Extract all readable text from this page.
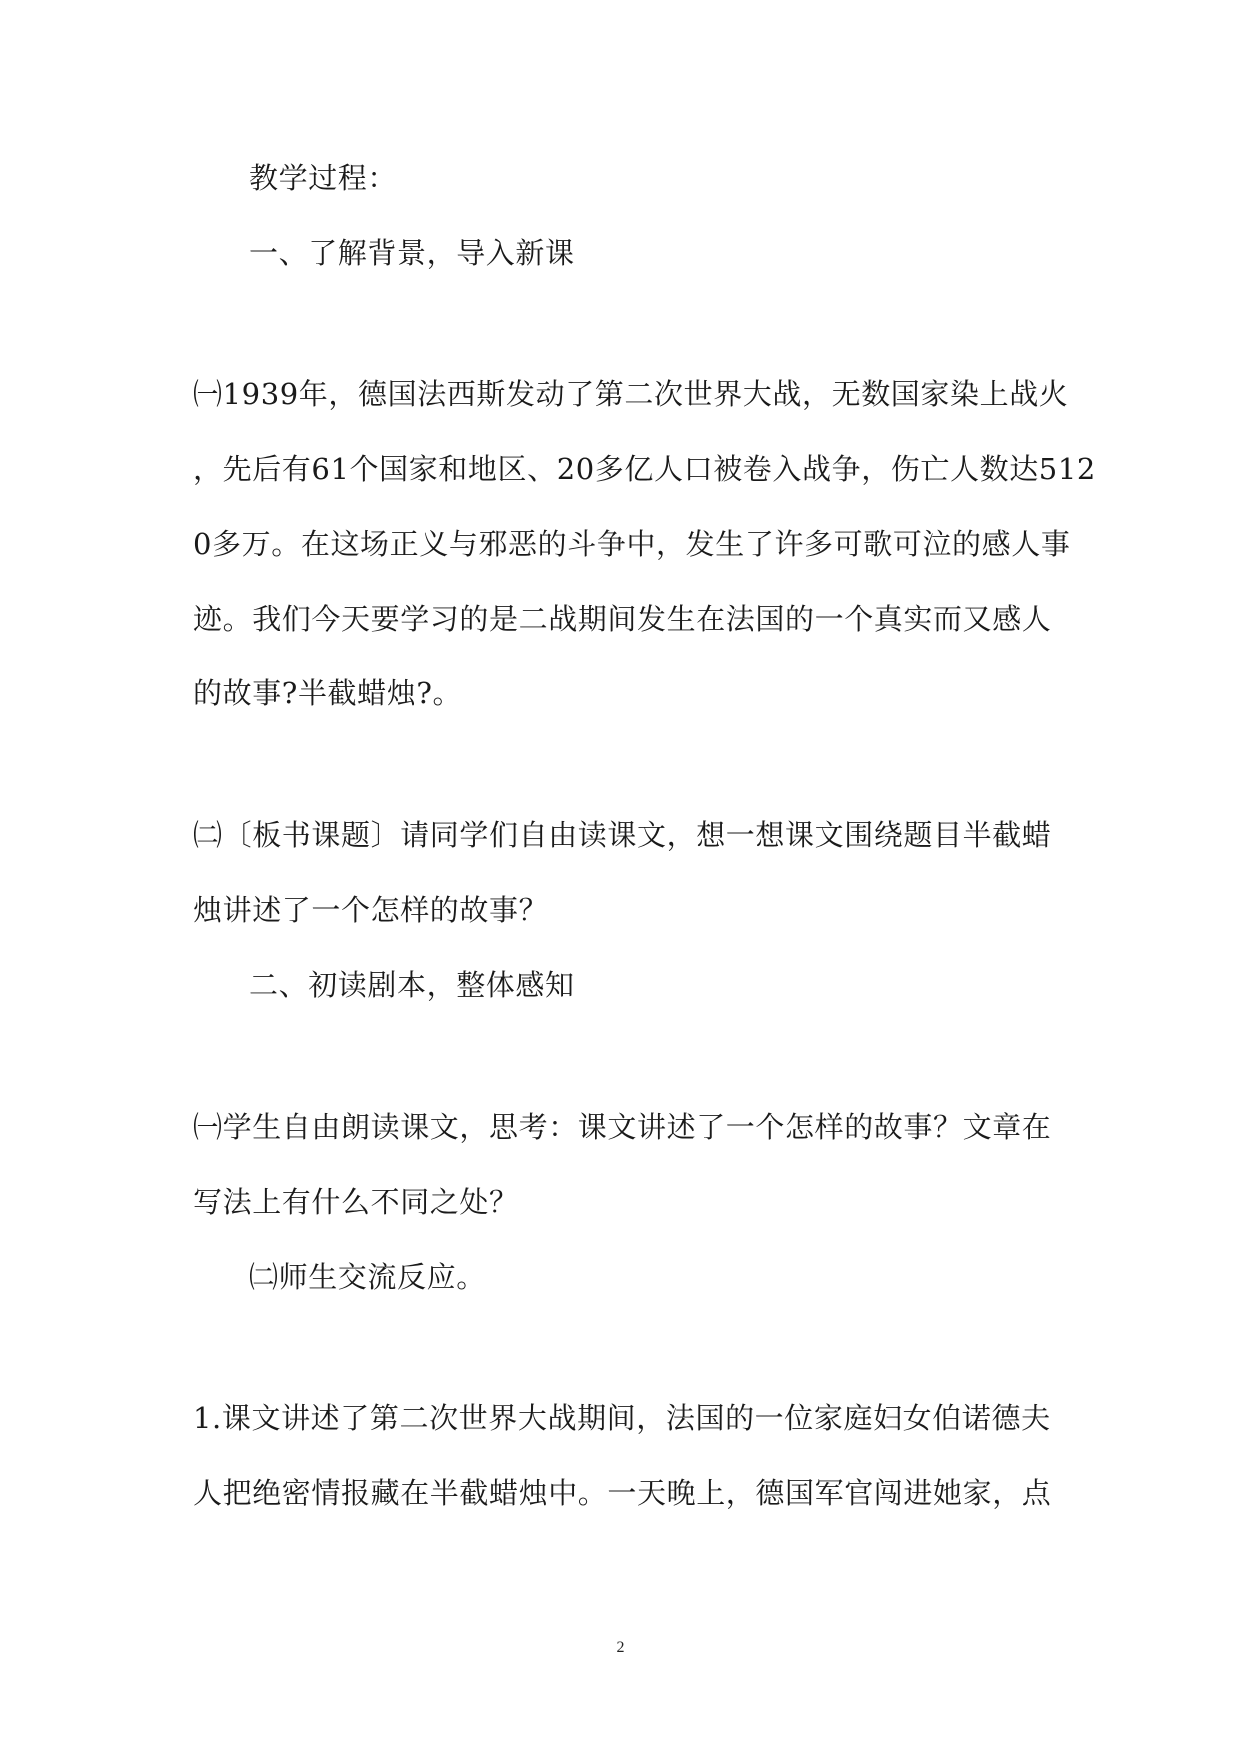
教学过程：
一、了解背景，导入新课
㈠1939年，德国法西斯发动了第二次世界大战，无数国家染上战火
，先后有61个国家和地区、20多亿人口被卷入战争，伤亡人数达512
0多万。在这场正义与邪恶的斗争中，发生了许多可歌可泣的感人事
迹。我们今天要学习的是二战期间发生在法国的一个真实而又感人
的故事?半截蜡烛?。
㈡〔板书课题〕请同学们自由读课文，想一想课文围绕题目半截蜡
烛讲述了一个怎样的故事？
二、初读剧本，整体感知
㈠学生自由朗读课文，思考：课文讲述了一个怎样的故事？文章在
写法上有什么不同之处？
㈡师生交流反应。
1.课文讲述了第二次世界大战期间，法国的一位家庭妇女伯诺德夫
人把绝密情报藏在半截蜡烛中。一天晚上，德国军官闯进她家，点
2
